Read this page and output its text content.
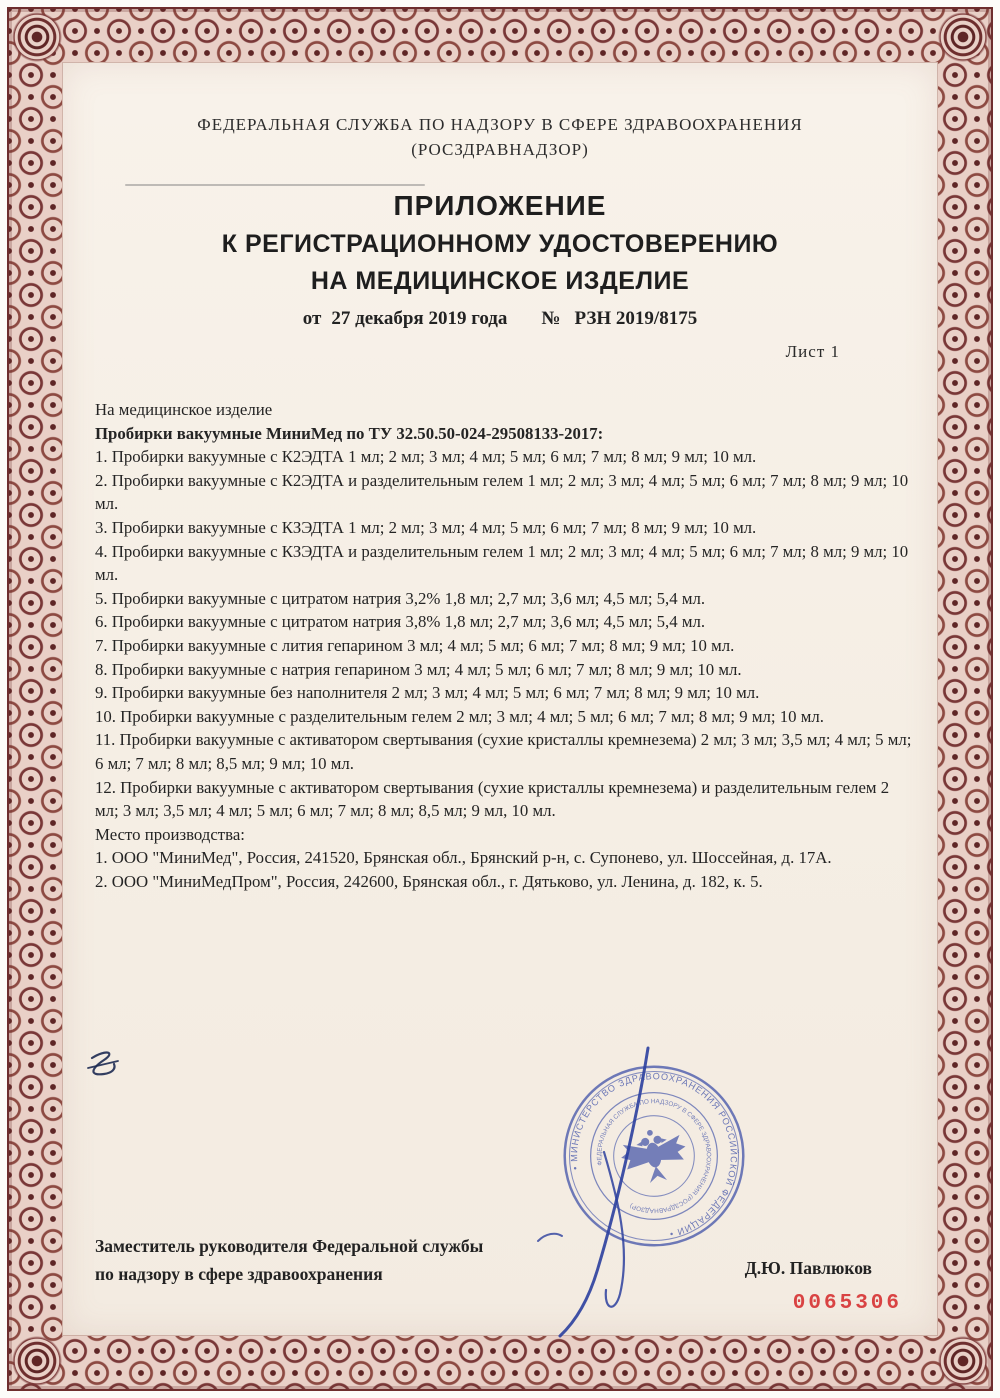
ФЕДЕРАЛЬНАЯ СЛУЖБА ПО НАДЗОРУ В СФЕРЕ ЗДРАВООХРАНЕНИЯ
(РОСЗДРАВНАДЗОР)
ПРИЛОЖЕНИЕ
К РЕГИСТРАЦИОННОМУ УДОСТОВЕРЕНИЮ
НА МЕДИЦИНСКОЕ ИЗДЕЛИЕ
от 27 декабря 2019 года № РЗН 2019/8175
Лист 1

На медицинское изделие

Пробирки вакуумные МиниМед по ТУ 32.50.50-024-29508133-2017:

1. Пробирки вакуумные с К2ЭДТА 1 мл; 2 мл; 3 мл; 4 мл; 5 мл; 6 мл; 7 мл; 8 мл; 9 мл; 10 мл.

2. Пробирки вакуумные с К2ЭДТА и разделительным гелем 1 мл; 2 мл; 3 мл; 4 мл; 5 мл; 6 мл; 7 мл; 8 мл; 9 мл; 10 мл.

3. Пробирки вакуумные с КЗЭДТА 1 мл; 2 мл; 3 мл; 4 мл; 5 мл; 6 мл; 7 мл; 8 мл; 9 мл; 10 мл.

4. Пробирки вакуумные с КЗЭДТА и разделительным гелем 1 мл; 2 мл; 3 мл; 4 мл; 5 мл; 6 мл; 7 мл; 8 мл; 9 мл; 10 мл.

5. Пробирки вакуумные с цитратом натрия 3,2% 1,8 мл; 2,7 мл; 3,6 мл; 4,5 мл; 5,4 мл.

6. Пробирки вакуумные с цитратом натрия 3,8% 1,8 мл; 2,7 мл; 3,6 мл; 4,5 мл; 5,4 мл.

7. Пробирки вакуумные с лития гепарином 3 мл; 4 мл; 5 мл; 6 мл; 7 мл; 8 мл; 9 мл; 10 мл.

8. Пробирки вакуумные с натрия гепарином 3 мл; 4 мл; 5 мл; 6 мл; 7 мл; 8 мл; 9 мл; 10 мл.

9. Пробирки вакуумные без наполнителя 2 мл; 3 мл; 4 мл; 5 мл; 6 мл; 7 мл; 8 мл; 9 мл; 10 мл.

10. Пробирки вакуумные с разделительным гелем 2 мл; 3 мл; 4 мл; 5 мл; 6 мл; 7 мл; 8 мл; 9 мл; 10 мл.

11. Пробирки вакуумные с активатором свертывания (сухие кристаллы кремнезема) 2 мл; 3 мл; 3,5 мл; 4 мл; 5 мл; 6 мл; 7 мл; 8 мл; 8,5 мл; 9 мл; 10 мл.

12. Пробирки вакуумные с активатором свертывания (сухие кристаллы кремнезема) и разделительным гелем 2 мл; 3 мл; 3,5 мл; 4 мл; 5 мл; 6 мл; 7 мл; 8 мл; 8,5 мл; 9 мл, 10 мл.

Место производства:

1. ООО "МиниМед", Россия, 241520, Брянская обл., Брянский р-н, с. Супонево, ул. Шоссейная, д. 17А.

2. ООО "МиниМедПром", Россия, 242600, Брянская обл., г. Дятьково, ул. Ленина, д. 182, к. 5.

Заместитель руководителя Федеральной службы
по надзору в сфере здравоохранения	Д.Ю. Павлюков
0065306
• МИНИСТЕРСТВО ЗДРАВООХРАНЕНИЯ РОССИЙСКОЙ ФЕДЕРАЦИИ •
ФЕДЕРАЛЬНАЯ СЛУЖБА ПО НАДЗОРУ В СФЕРЕ ЗДРАВООХРАНЕНИЯ (РОСЗДРАВНАДЗОР)
